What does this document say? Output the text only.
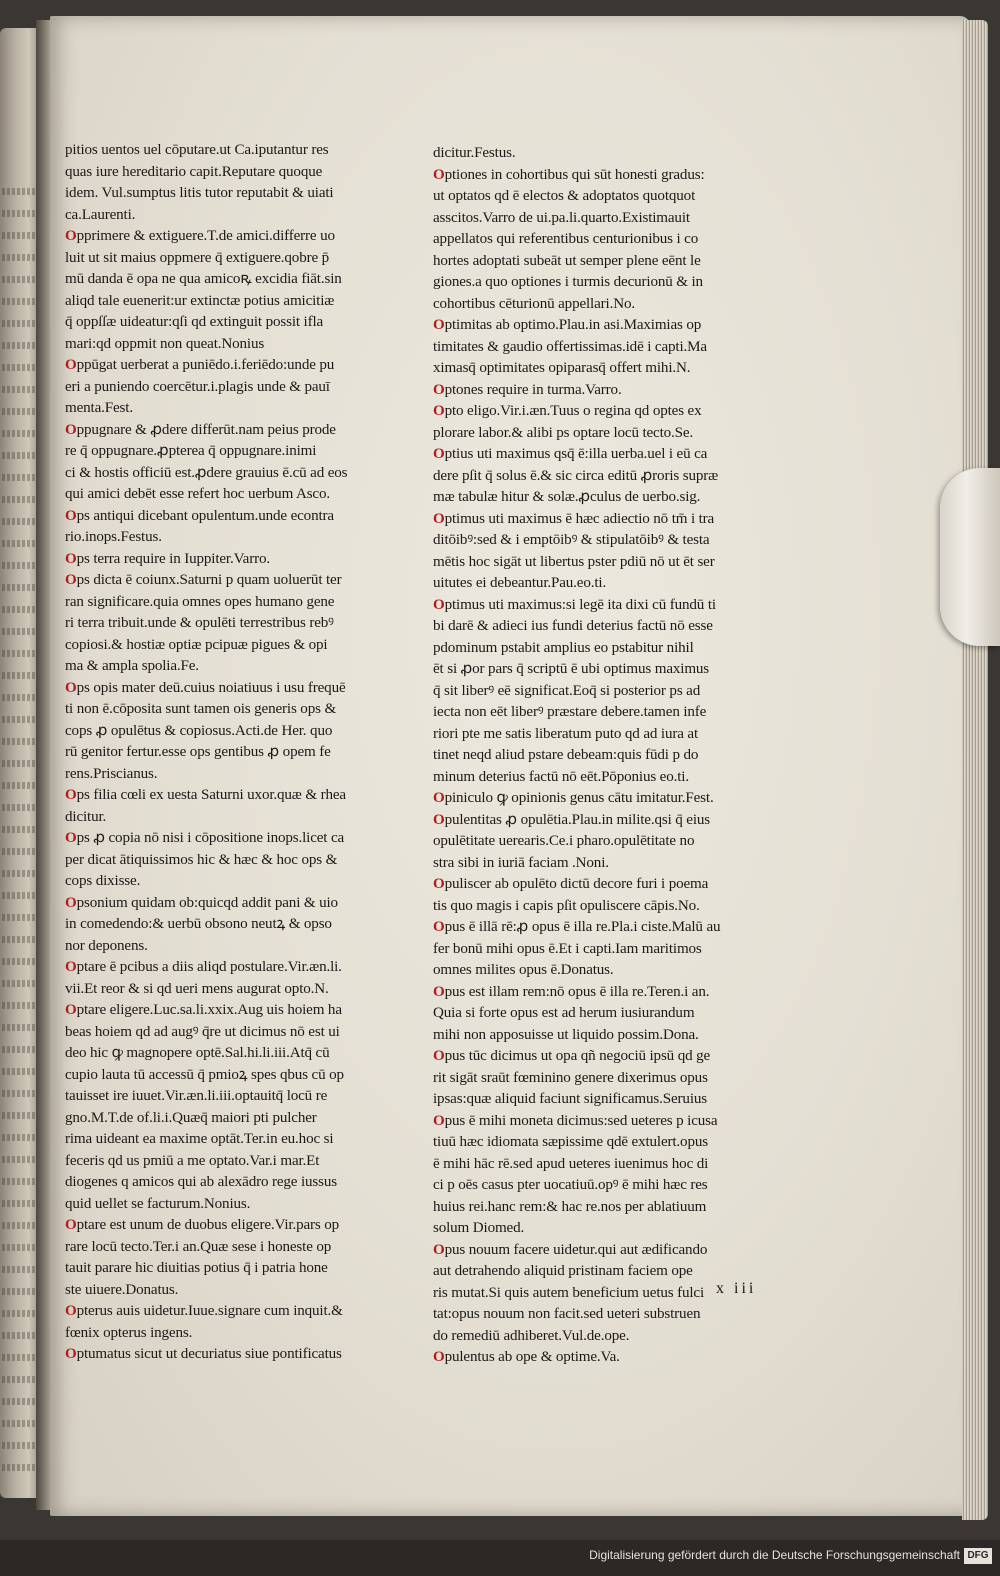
pitios uentos uel cōputare.ut Ca.iputantur res
quas iure hereditario capit.Reputare quoque
idem. Vul.sumptus litis tutor reputabit & uiati
ca.Laurenti.
Opprimere & extiguere.T.de amici.differre uo
luit ut sit maius oppmere q̄ extiguere.qobre p̄
mū danda ē opa ne qua amicoꝶ excidia fiāt.sin
aliqd tale euenerit:ur extinctæ potius amicitiæ
q̄ oppſſæ uideatur:qſi qd extinguit possit ifla
mari:qd oppmit non queat.Nonius
Oppūgat uerberat a puniēdo.i.feriēdo:unde pu
eri a puniendo coercētur.i.plagis unde & pauī
menta.Fest.
Oppugnare & ꝓdere differūt.nam peius prode
re q̄ oppugnare.ꝓpterea q̄ oppugnare.inimi
ci & hostis officiū est.ꝓdere grauius ē.cū ad eos
qui amici debēt esse refert hoc uerbum Asco.
Ops antiqui dicebant opulentum.unde econtra
rio.inops.Festus.
Ops terra require in Iuppiter.Varro.
Ops dicta ē coiunx.Saturni p quam uoluerūt ter
ran significare.quia omnes opes humano gene
ri terra tribuit.unde & opulēti terrestribus rebꝰ
copiosi.& hostiæ optiæ pcipuæ pigues & opi
ma & ampla spolia.Fe.
Ops opis mater deū.cuius noiatiuus i usu frequē
ti non ē.cōposita sunt tamen ois generis ops &
cops ꝓ opulētus & copiosus.Acti.de Her. quo
rū genitor fertur.esse ops gentibus ꝓ opem fe
rens.Priscianus.
Ops filia cœli ex uesta Saturni uxor.quæ & rhea
dicitur.
Ops ꝓ copia nō nisi i cōpositione inops.licet ca
per dicat ātiquissimos hic & hæc & hoc ops &
cops dixisse.
Opsonium quidam ob:quicqd addit pani & uio
in comedendo:& uerbū obsono neutꝝ & opso
nor deponens.
Optare ē pcibus a diis aliqd postulare.Vir.æn.li.
vii.Et reor & si qd ueri mens augurat opto.N.
Optare eligere.Luc.sa.li.xxix.Aug uis hoiem ha
beas hoiem qd ad augꝰ q̄re ut dicimus nō est ui
deo hic ꝙ magnopere optē.Sal.hi.li.iii.Atq̄ cū
cupio lauta tū accessū q̄ pmioꝝ spes qbus cū op
tauisset ire iuuet.Vir.æn.li.iii.optauitq̄ locū re
gno.M.T.de of.li.i.Quæq̄ maiori pti pulcher
rima uideant ea maxime optāt.Ter.in eu.hoc si
feceris qd us pmiū a me optato.Var.i mar.Et
diogenes q amicos qui ab alexādro rege iussus
quid uellet se facturum.Nonius.
Optare est unum de duobus eligere.Vir.pars op
rare locū tecto.Ter.i an.Quæ sese i honeste op
tauit parare hic diuitias potius q̄ i patria hone
ste uiuere.Donatus.
Opterus auis uidetur.Iuue.signare cum inquit.&
fœnix opterus ingens.
Optumatus sicut ut decuriatus siue pontificatus
dicitur.Festus.
Optiones in cohortibus qui sūt honesti gradus:
ut optatos qd ē electos & adoptatos quotquot
asscitos.Varro de ui.pa.li.quarto.Existimauit
appellatos qui referentibus centurionibus i co
hortes adoptati subeāt ut semper plene eēnt le
giones.a quo optiones i turmis decurionū & in
cohortibus cēturionū appellari.No.
Optimitas ab optimo.Plau.in asi.Maximias op
timitates & gaudio offertissimas.idē i capti.Ma
ximasq̄ optimitates opiparasq̄ offert mihi.N.
Optones require in turma.Varro.
Opto eligo.Vir.i.æn.Tuus o regina qd optes ex
plorare labor.& alibi ps optare locū tecto.Se.
Optius uti maximus qsq̄ ē:illa uerba.uel i eū ca
dere pſit q̄ solus ē.& sic circa editū ꝓroris supræ
mæ tabulæ hitur & solæ.ꝓculus de uerbo.sig.
Optimus uti maximus ē hæc adiectio nō tm̄ i tra
ditōibꝰ:sed & i emptōibꝰ & stipulatōibꝰ & testa
mētis hoc sigāt ut libertus pster pdiū nō ut ēt ser
uitutes ei debeantur.Pau.eo.ti.
Optimus uti maximus:si legē ita dixi cū fundū ti
bi darē & adieci ius fundi deterius factū nō esse
pdominum pstabit amplius eo pstabitur nihil
ēt si ꝓor pars q̄ scriptū ē ubi optimus maximus
q̄ sit liberꝰ eē significat.Eoq̄ si posterior ps ad
iecta non eēt liberꝰ præstare debere.tamen infe
riori pte me satis liberatum puto qd ad iura at
tinet neqd aliud pstare debeam:quis fūdi p do
minum deterius factū nō eēt.Pōponius eo.ti.
Opiniculo ꝙ opinionis genus cātu imitatur.Fest.
Opulentitas ꝓ opulētia.Plau.in milite.qsi q̄ eius
opulētitate uerearis.Ce.i pharo.opulētitate no
stra sibi in iuriā faciam .Noni.
Opuliscer ab opulēto dictū decore furi i poema
tis quo magis i capis pſit opuliscere cāpis.No.
Opus ē illā rē:ꝓ opus ē illa re.Pla.i ciste.Malū au
fer bonū mihi opus ē.Et i capti.Iam maritimos
omnes milites opus ē.Donatus.
Opus est illam rem:nō opus ē illa re.Teren.i an.
Quia si forte opus est ad herum iusiurandum
mihi non apposuisse ut liquido possim.Dona.
Opus tūc dicimus ut opa qñ negociū ipsū qd ge
rit sigāt sraūt fœminino genere dixerimus opus
ipsas:quæ aliquid faciunt significamus.Seruius
Opus ē mihi moneta dicimus:sed ueteres p icusa
tiuū hæc idiomata sæpissime qdē extulert.opus
ē mihi hāc rē.sed apud ueteres iuenimus hoc di
ci p oēs casus pter uocatiuū.opꝰ ē mihi hæc res
huius rei.hanc rem:& hac re.nos per ablatiuum
solum Diomed.
Opus nouum facere uidetur.qui aut ædificando
aut detrahendo aliquid pristinam faciem ope
ris mutat.Si quis autem beneficium uetus fulci
tat:opus nouum non facit.sed ueteri substruen
do remediū adhiberet.Vul.de.ope.
Opulentus ab ope & optime.Va.
x iii
Digitalisierung gefördert durch die Deutsche Forschungsgemeinschaft DFG
